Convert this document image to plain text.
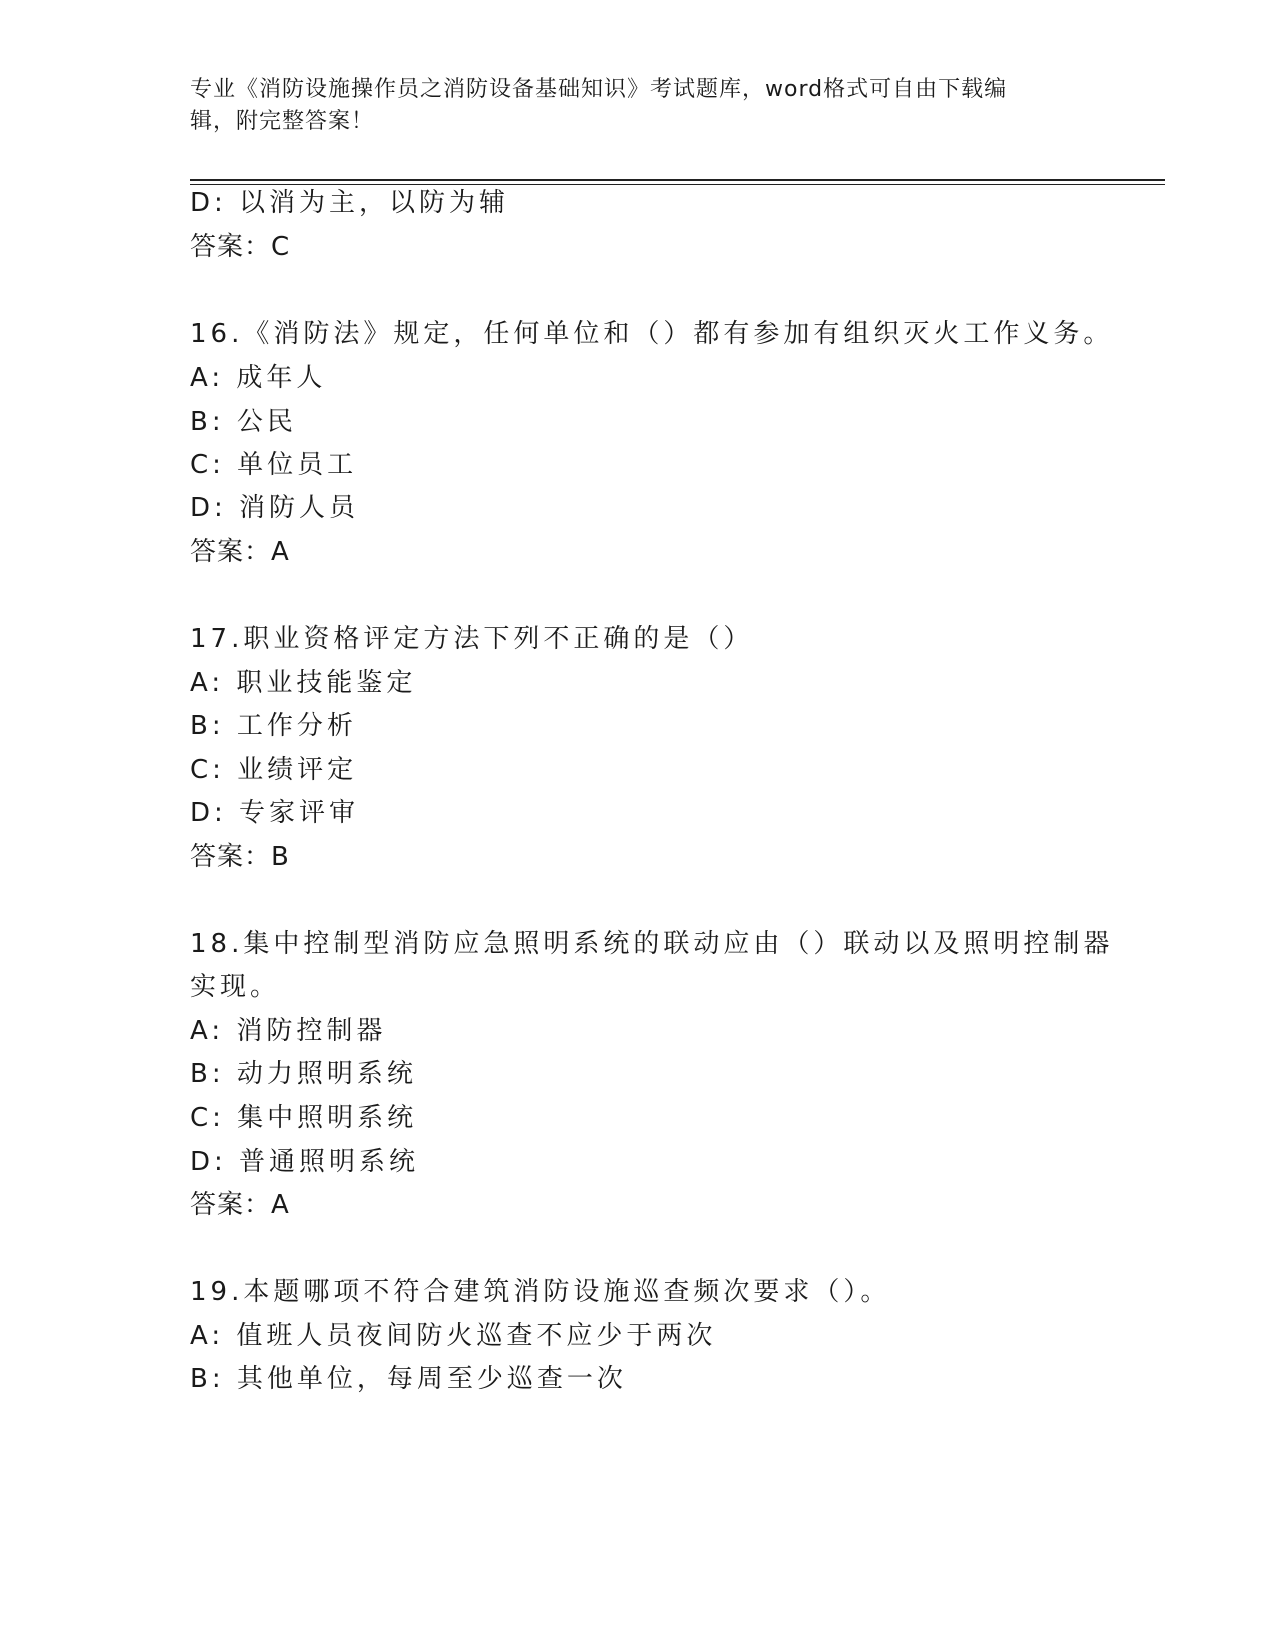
专业《消防设施操作员之消防设备基础知识》考试题库，word格式可自由下载编
辑，附完整答案！
D: 以消为主，以防为辅
答案：C
16.《消防法》规定，任何单位和（）都有参加有组织灭火工作义务。
A: 成年人
B: 公民
C: 单位员工
D: 消防人员
答案：A
17.职业资格评定方法下列不正确的是（）
A: 职业技能鉴定
B: 工作分析
C: 业绩评定
D: 专家评审
答案：B
18.集中控制型消防应急照明系统的联动应由（）联动以及照明控制器
实现。
A: 消防控制器
B: 动力照明系统
C: 集中照明系统
D: 普通照明系统
答案：A
19.本题哪项不符合建筑消防设施巡查频次要求（）。
A: 值班人员夜间防火巡查不应少于两次
B: 其他单位，每周至少巡查一次
